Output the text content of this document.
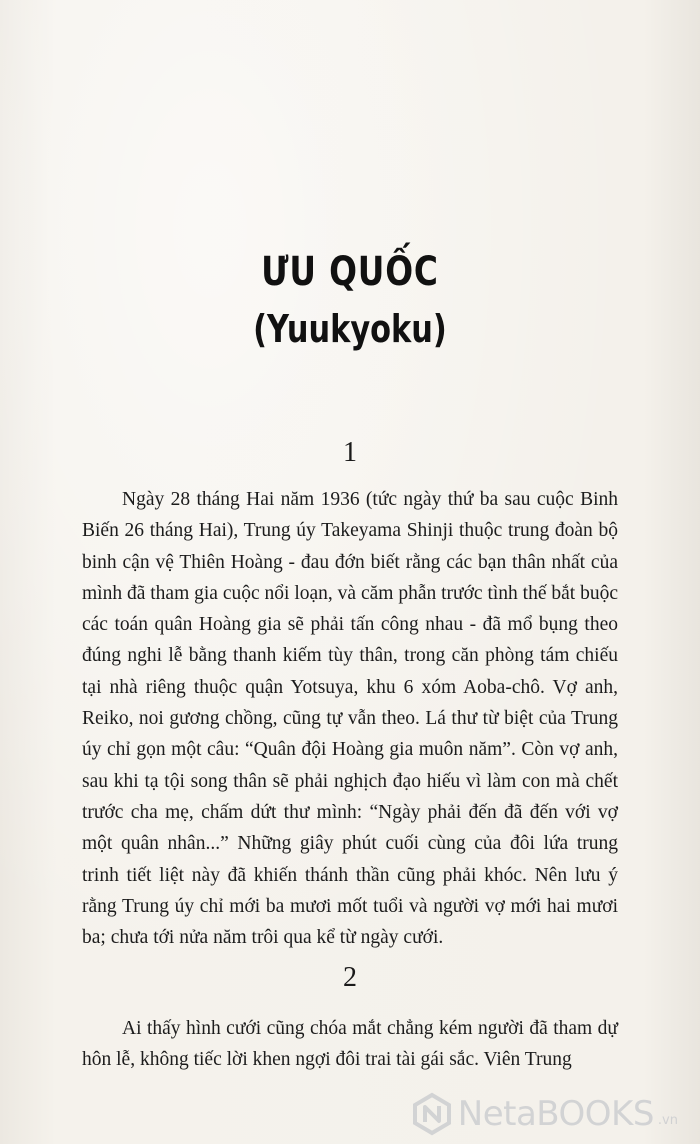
ƯU QUỐC
(Yuukyoku)
1

Ngày 28 tháng Hai năm 1936 (tức ngày thứ ba sau cuộc Binh Biến 26 tháng Hai), Trung úy Takeyama Shinji thuộc trung đoàn bộ binh cận vệ Thiên Hoàng - đau đớn biết rằng các bạn thân nhất của mình đã tham gia cuộc nổi loạn, và căm phẫn trước tình thế bắt buộc các toán quân Hoàng gia sẽ phải tấn công nhau - đã mổ bụng theo đúng nghi lễ bằng thanh kiếm tùy thân, trong căn phòng tám chiếu tại nhà riêng thuộc quận Yotsuya, khu 6 xóm Aoba-chô. Vợ anh, Reiko, noi gương chồng, cũng tự vẫn theo. Lá thư từ biệt của Trung úy chỉ gọn một câu: “Quân đội Hoàng gia muôn năm”. Còn vợ anh, sau khi tạ tội song thân sẽ phải nghịch đạo hiếu vì làm con mà chết trước cha mẹ, chấm dứt thư mình: “Ngày phải đến đã đến với vợ một quân nhân...” Những giây phút cuối cùng của đôi lứa trung trinh tiết liệt này đã khiến thánh thần cũng phải khóc. Nên lưu ý rằng Trung úy chỉ mới ba mươi mốt tuổi và người vợ mới hai mươi ba; chưa tới nửa năm trôi qua kể từ ngày cưới.

2

Ai thấy hình cưới cũng chóa mắt chẳng kém người đã tham dự hôn lễ, không tiếc lời khen ngợi đôi trai tài gái sắc. Viên Trung

NetaBOOKS .vn
